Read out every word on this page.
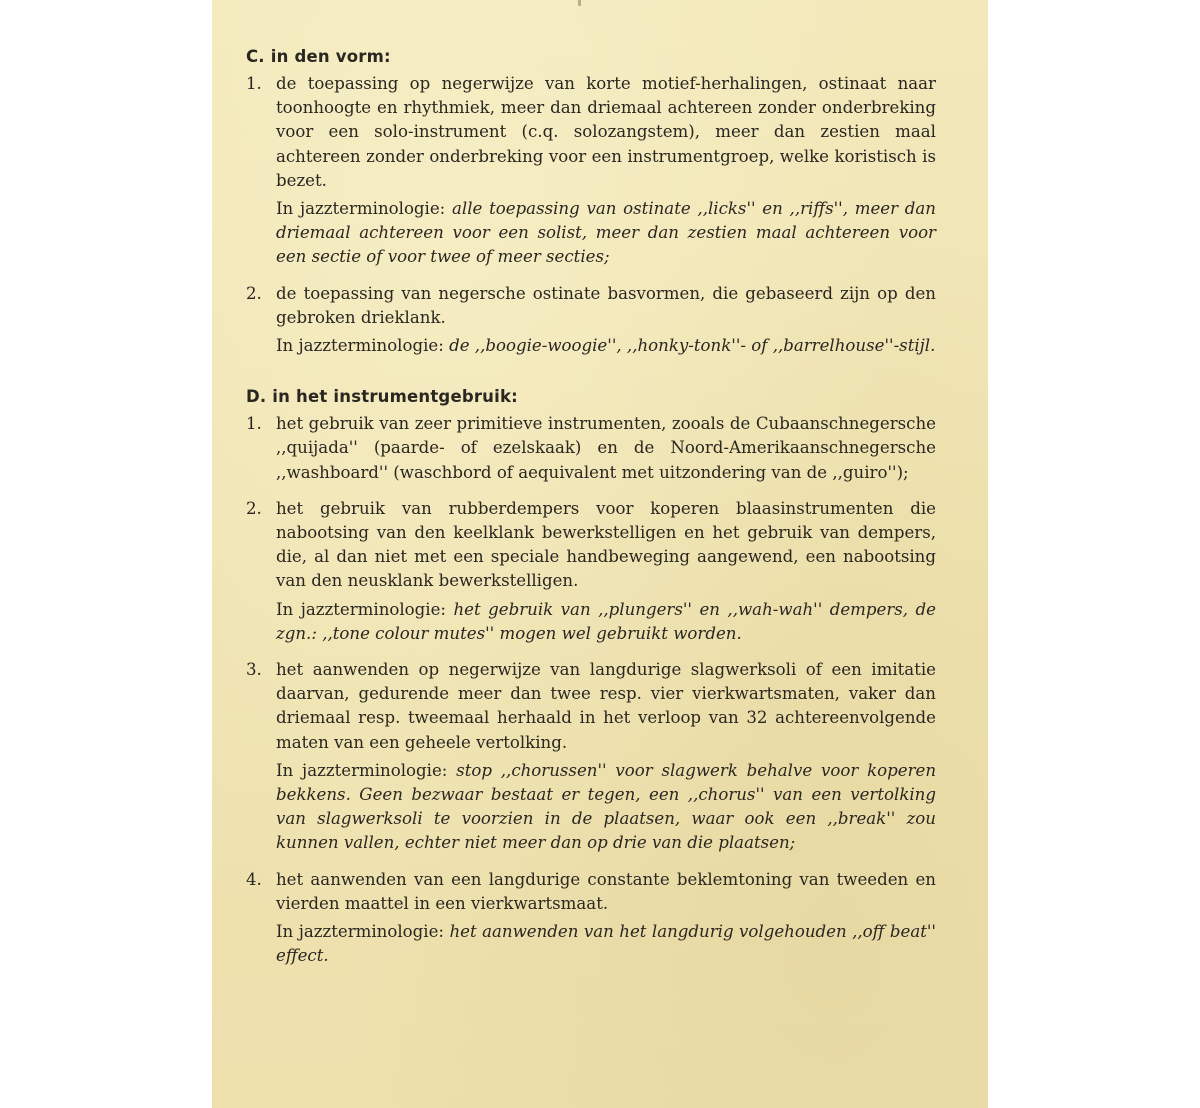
C. in den vorm:
1. de toepassing op negerwijze van korte motief-herhalingen, ostinaat naar toonhoogte en rhythmiek, meer dan driemaal achtereen zonder onderbreking voor een solo-instrument (c.q. solozangstem), meer dan zestien maal achtereen zonder onderbreking voor een instrumentgroep, welke koristisch is bezet.

In jazzterminologie: alle toepassing van ostinate ,,licks'' en ,,riffs'', meer dan driemaal achtereen voor een solist, meer dan zestien maal achtereen voor een sectie of voor twee of meer secties;

2. de toepassing van negersche ostinate basvormen, die gebaseerd zijn op den gebroken drieklank.

In jazzterminologie: de ,,boogie-woogie'', ,,honky-tonk''- of ,,barrelhouse''-stijl.

D. in het instrumentgebruik:
1. het gebruik van zeer primitieve instrumenten, zooals de Cubaanschnegersche ,,quijada'' (paarde- of ezelskaak) en de Noord-Amerikaanschnegersche ,,washboard'' (waschbord of aequivalent met uitzondering van de ,,guiro'');

2. het gebruik van rubberdempers voor koperen blaasinstrumenten die nabootsing van den keelklank bewerkstelligen en het gebruik van dempers, die, al dan niet met een speciale handbeweging aangewend, een nabootsing van den neusklank bewerkstelligen.

In jazzterminologie: het gebruik van ,,plungers'' en ,,wah-wah'' dempers, de zgn.: ,,tone colour mutes'' mogen wel gebruikt worden.

3. het aanwenden op negerwijze van langdurige slagwerksoli of een imitatie daarvan, gedurende meer dan twee resp. vier vierkwartsmaten, vaker dan driemaal resp. tweemaal herhaald in het verloop van 32 achtereenvolgende maten van een geheele vertolking.

In jazzterminologie: stop ,,chorussen'' voor slagwerk behalve voor koperen bekkens. Geen bezwaar bestaat er tegen, een ,,chorus'' van een vertolking van slagwerksoli te voorzien in de plaatsen, waar ook een ,,break'' zou kunnen vallen, echter niet meer dan op drie van die plaatsen;

4. het aanwenden van een langdurige constante beklemtoning van tweeden en vierden maattel in een vierkwartsmaat.

In jazzterminologie: het aanwenden van het langdurig volgehouden ,,off beat'' effect.
